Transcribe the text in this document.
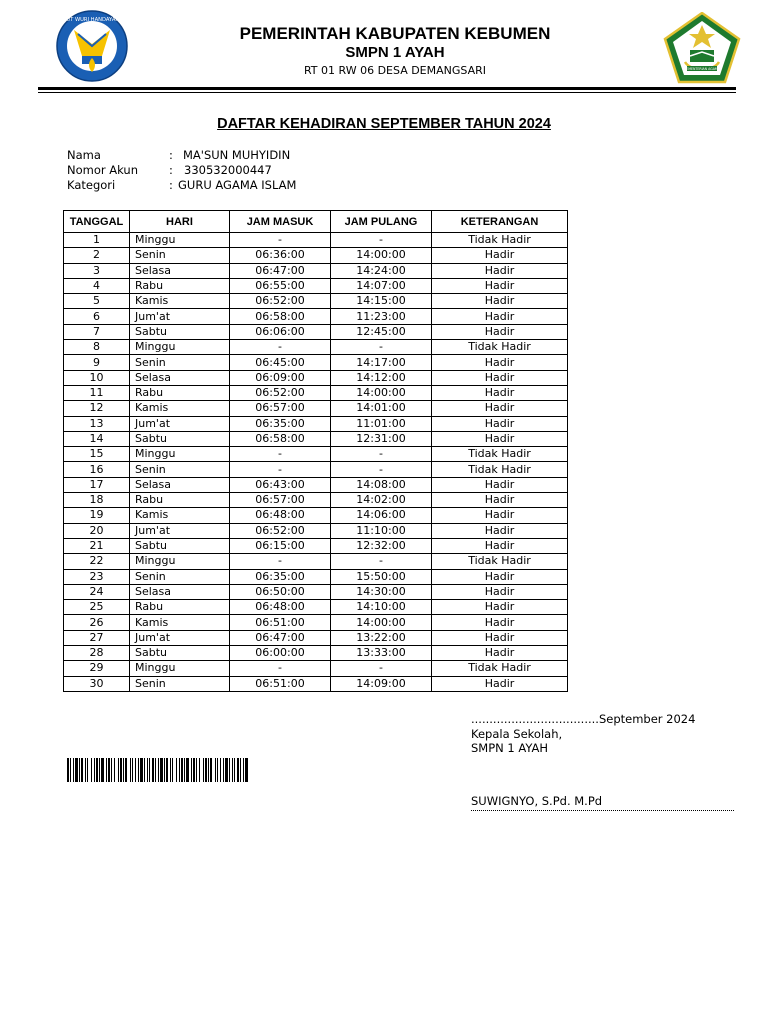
TUT WURI HANDAYANI
KEMENTERIAN AGAMA
PEMERINTAH KABUPATEN KEBUMEN
SMPN 1 AYAH
RT 01 RW 06 DESA DEMANGSARI
DAFTAR KEHADIRAN SEPTEMBER TAHUN 2024
Nama	: MA'SUN MUHYIDIN
Nomor Akun	: 330532000447
Kategori	: GURU AGAMA ISLAM
TANGGAL	HARI	JAM MASUK	JAM PULANG	KETERANGAN
1	Minggu	-	-	Tidak Hadir
2	Senin	06:36:00	14:00:00	Hadir
3	Selasa	06:47:00	14:24:00	Hadir
4	Rabu	06:55:00	14:07:00	Hadir
5	Kamis	06:52:00	14:15:00	Hadir
6	Jum'at	06:58:00	11:23:00	Hadir
7	Sabtu	06:06:00	12:45:00	Hadir
8	Minggu	-	-	Tidak Hadir
9	Senin	06:45:00	14:17:00	Hadir
10	Selasa	06:09:00	14:12:00	Hadir
11	Rabu	06:52:00	14:00:00	Hadir
12	Kamis	06:57:00	14:01:00	Hadir
13	Jum'at	06:35:00	11:01:00	Hadir
14	Sabtu	06:58:00	12:31:00	Hadir
15	Minggu	-	-	Tidak Hadir
16	Senin	-	-	Tidak Hadir
17	Selasa	06:43:00	14:08:00	Hadir
18	Rabu	06:57:00	14:02:00	Hadir
19	Kamis	06:48:00	14:06:00	Hadir
20	Jum'at	06:52:00	11:10:00	Hadir
21	Sabtu	06:15:00	12:32:00	Hadir
22	Minggu	-	-	Tidak Hadir
23	Senin	06:35:00	15:50:00	Hadir
24	Selasa	06:50:00	14:30:00	Hadir
25	Rabu	06:48:00	14:10:00	Hadir
26	Kamis	06:51:00	14:00:00	Hadir
27	Jum'at	06:47:00	13:22:00	Hadir
28	Sabtu	06:00:00	13:33:00	Hadir
29	Minggu	-	-	Tidak Hadir
30	Senin	06:51:00	14:09:00	Hadir
...................................September 2024
Kepala Sekolah, SMPN 1 AYAH
SUWIGNYO, S.Pd. M.Pd
